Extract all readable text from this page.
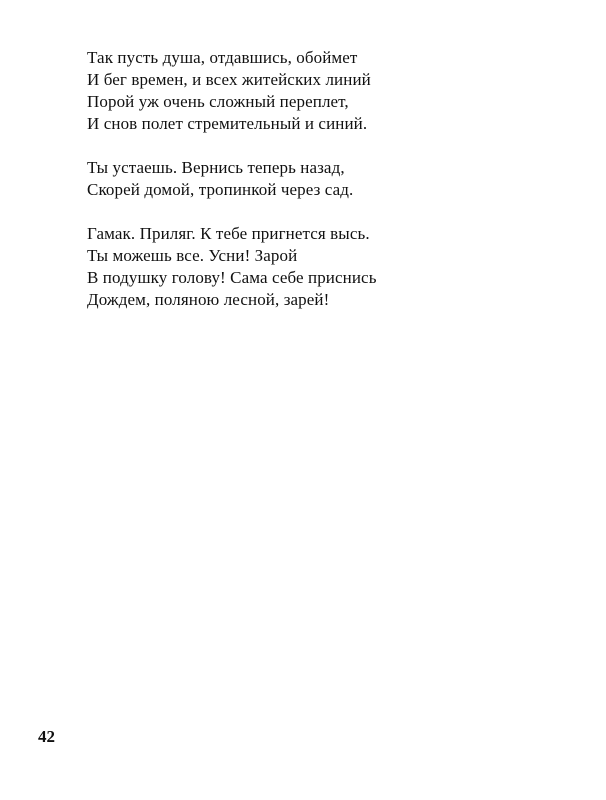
Так пусть душа, отдавшись, обоймет
И бег времен, и всех житейских линий
Порой уж очень сложный переплет,
И снов полет стремительный и синий.
Ты устаешь. Вернись теперь назад,
Скорей домой, тропинкой через сад.
Гамак. Приляг. К тебе пригнется высь.
Ты можешь все. Усни! Зарой
В подушку голову! Сама себе приснись
Дождем, поляною лесной, зарей!
42
